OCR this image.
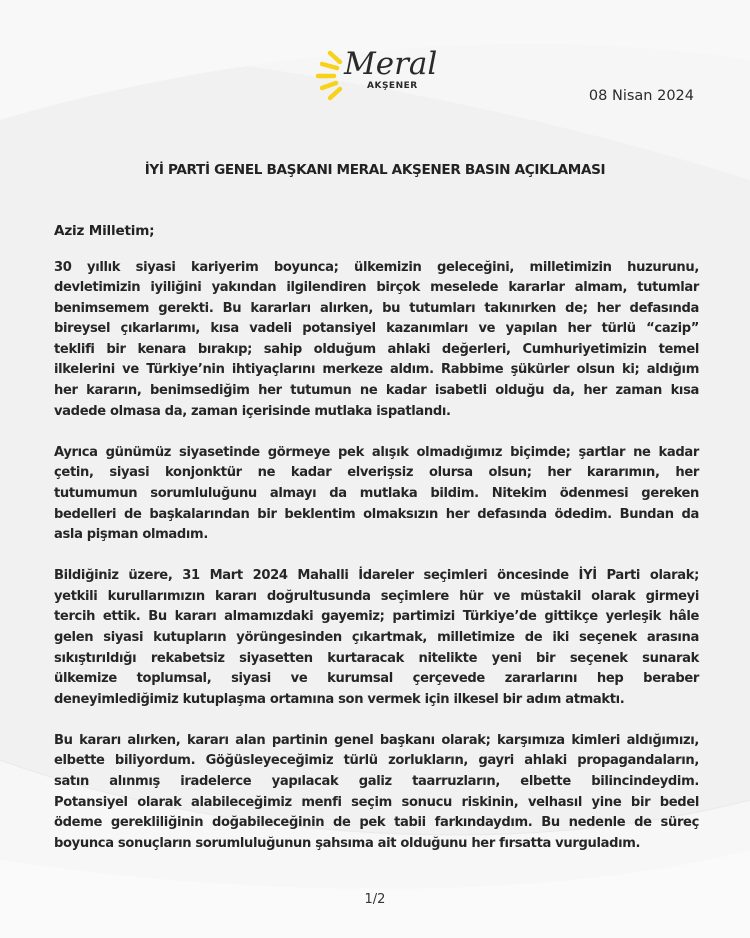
Meral
AKŞENER
08 Nisan 2024
İYİ PARTİ GENEL BAŞKANI MERAL AKŞENER BASIN AÇIKLAMASI
Aziz Milletim;
30 yıllık siyasi kariyerim boyunca; ülkemizin geleceğini, milletimizin huzurunu,
devletimizin iyiliğini yakından ilgilendiren birçok meselede kararlar almam, tutumlar
benimsemem gerekti. Bu kararları alırken, bu tutumları takınırken de; her defasında
bireysel çıkarlarımı, kısa vadeli potansiyel kazanımları ve yapılan her türlü “cazip”
teklifi bir kenara bırakıp; sahip olduğum ahlaki değerleri, Cumhuriyetimizin temel
ilkelerini ve Türkiye’nin ihtiyaçlarını merkeze aldım. Rabbime şükürler olsun ki; aldığım
her kararın, benimsediğim her tutumun ne kadar isabetli olduğu da, her zaman kısa
vadede olmasa da, zaman içerisinde mutlaka ispatlandı.
Ayrıca günümüz siyasetinde görmeye pek alışık olmadığımız biçimde; şartlar ne kadar
çetin, siyasi konjonktür ne kadar elverişsiz olursa olsun; her kararımın, her
tutumumun sorumluluğunu almayı da mutlaka bildim. Nitekim ödenmesi gereken
bedelleri de başkalarından bir beklentim olmaksızın her defasında ödedim. Bundan da
asla pişman olmadım.
Bildiğiniz üzere, 31 Mart 2024 Mahalli İdareler seçimleri öncesinde İYİ Parti olarak;
yetkili kurullarımızın kararı doğrultusunda seçimlere hür ve müstakil olarak girmeyi
tercih ettik. Bu kararı almamızdaki gayemiz; partimizi Türkiye’de gittikçe yerleşik hâle
gelen siyasi kutupların yörüngesinden çıkartmak, milletimize de iki seçenek arasına
sıkıştırıldığı rekabetsiz siyasetten kurtaracak nitelikte yeni bir seçenek sunarak
ülkemize toplumsal, siyasi ve kurumsal çerçevede zararlarını hep beraber
deneyimlediğimiz kutuplaşma ortamına son vermek için ilkesel bir adım atmaktı.
Bu kararı alırken, kararı alan partinin genel başkanı olarak; karşımıza kimleri aldığımızı,
elbette biliyordum. Göğüsleyeceğimiz türlü zorlukların, gayri ahlaki propagandaların,
satın alınmış iradelerce yapılacak galiz taarruzların, elbette bilincindeydim.
Potansiyel olarak alabileceğimiz menfi seçim sonucu riskinin, velhasıl yine bir bedel
ödeme gerekliliğinin doğabileceğinin de pek tabii farkındaydım. Bu nedenle de süreç
boyunca sonuçların sorumluluğunun şahsıma ait olduğunu her fırsatta vurguladım.
1/2
